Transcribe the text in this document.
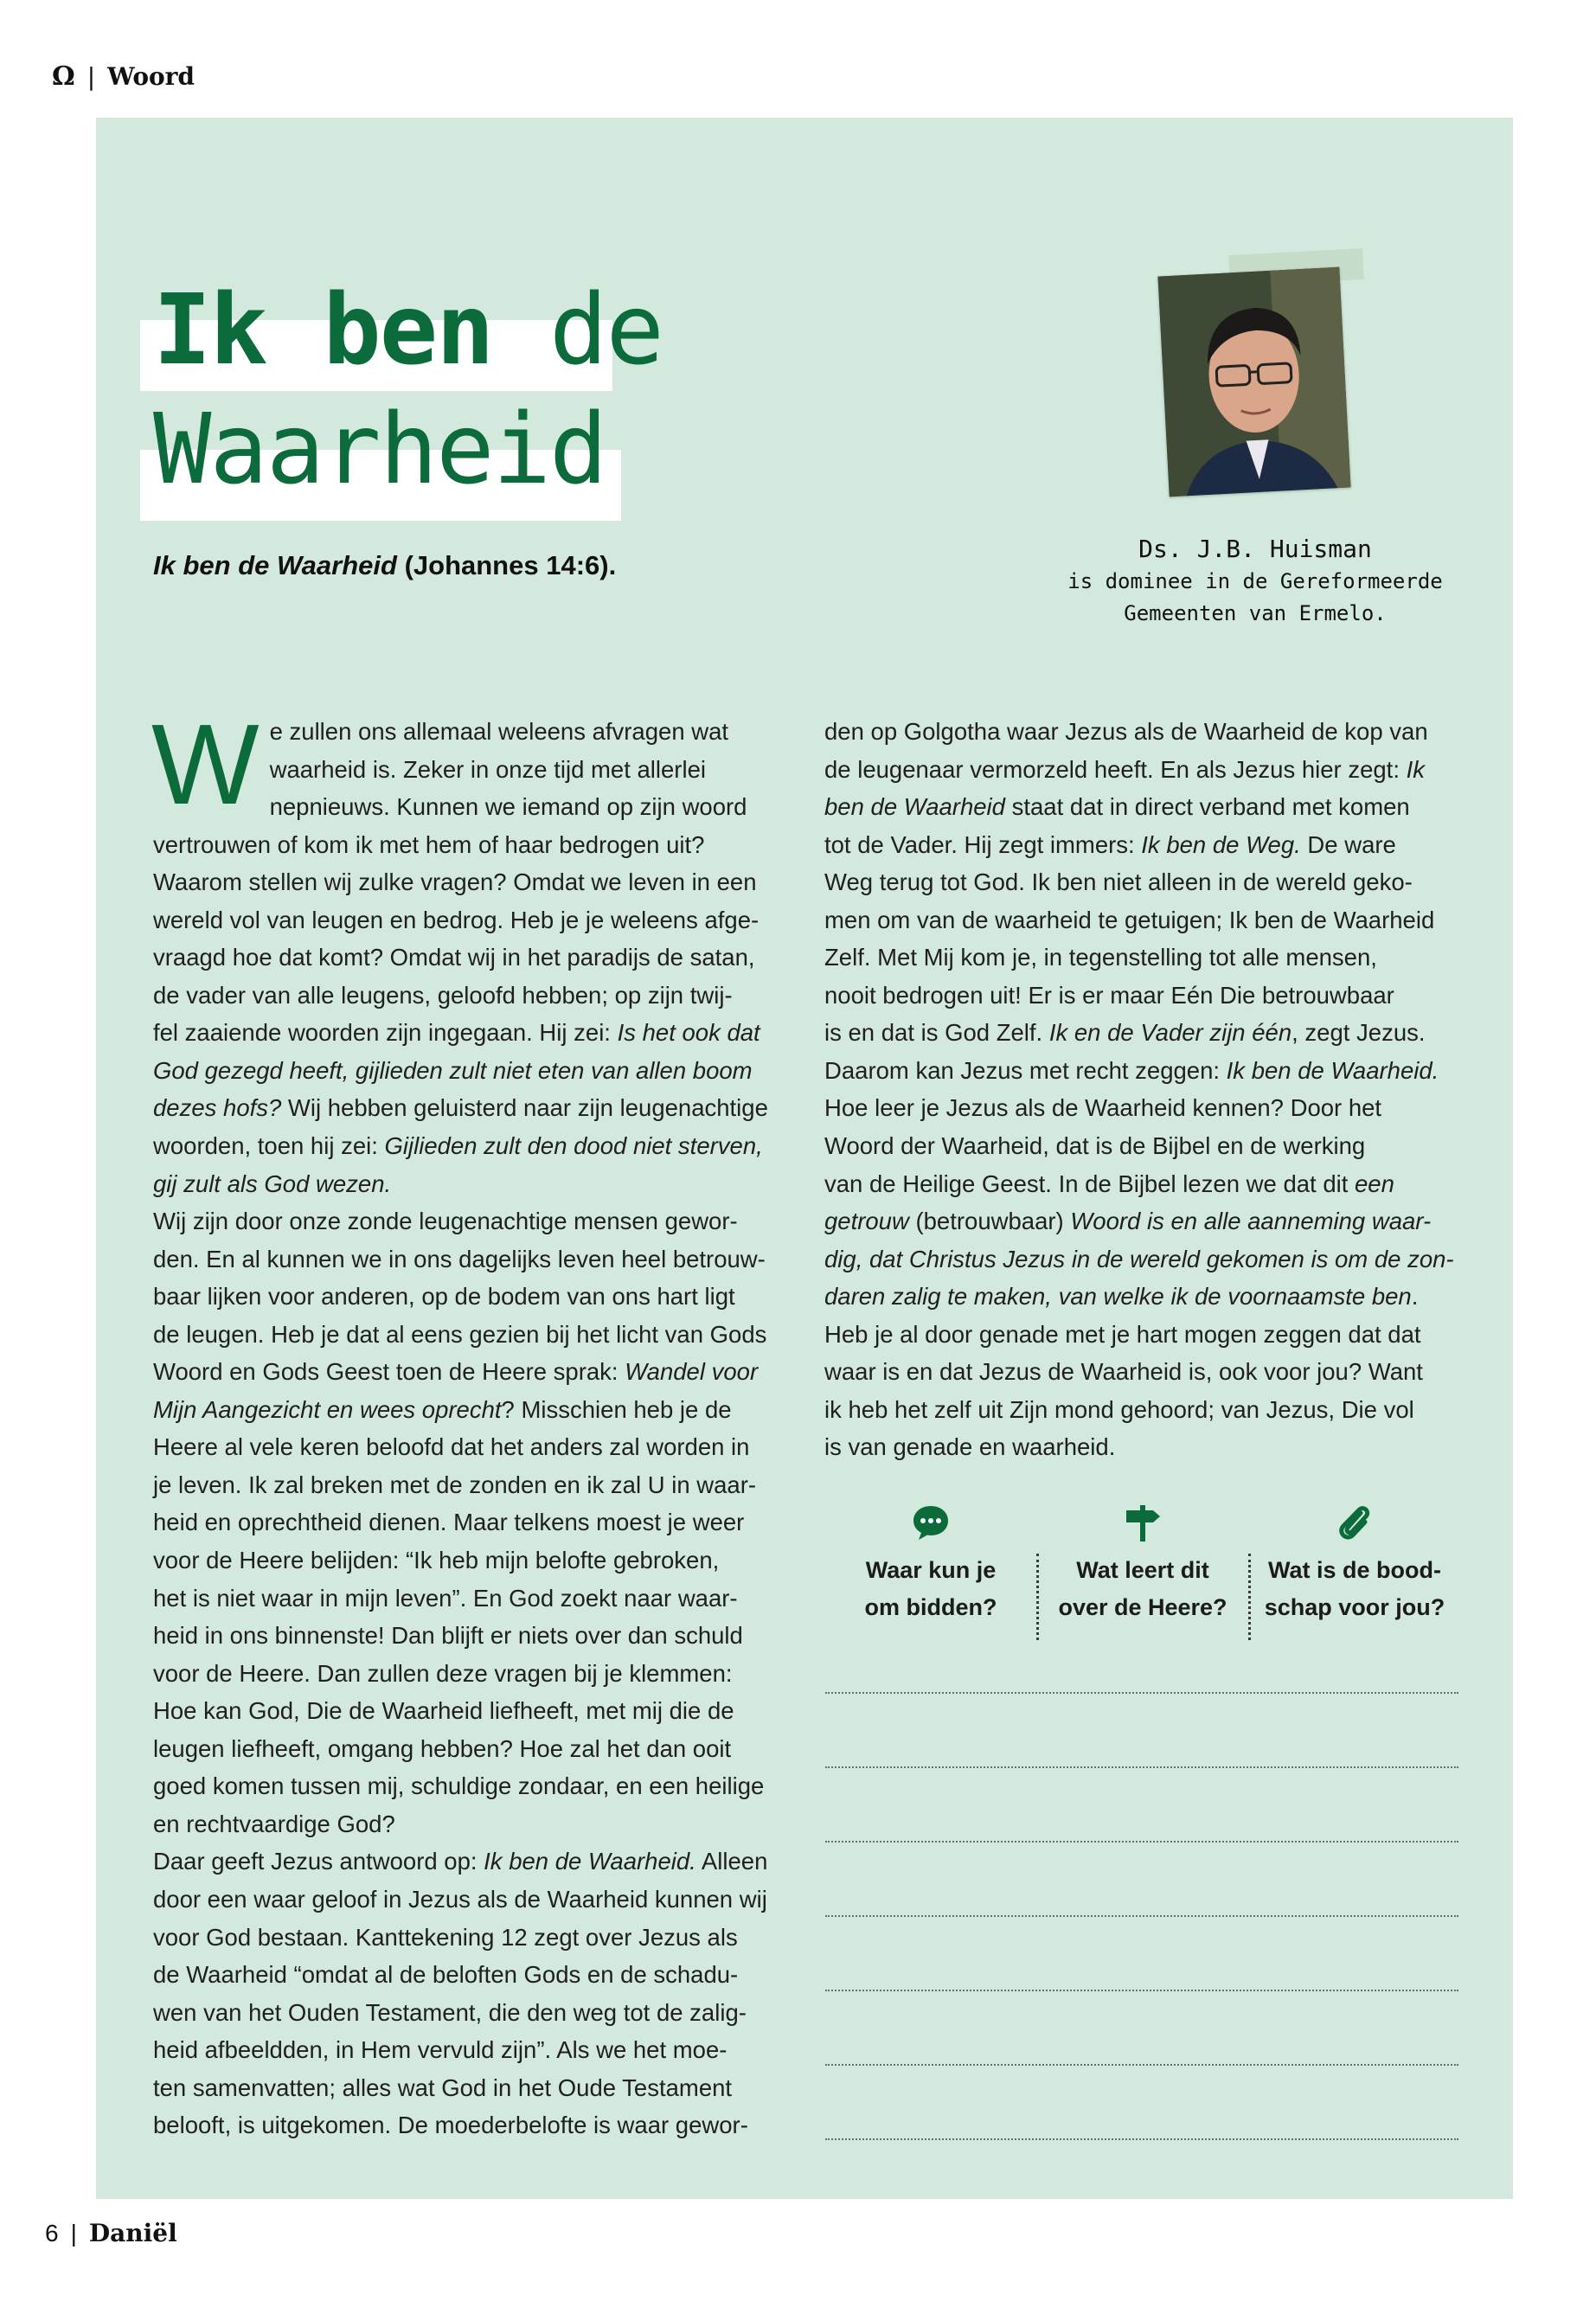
Ω | Woord
Ik ben de
Waarheid
Ik ben de Waarheid (Johannes 14:6).
Ds. J.B. Huisman
is dominee in de Gereformeerde
Gemeenten van Ermelo.
W e zullen ons allemaal weleens afvragen wat
waarheid is. Zeker in onze tijd met allerlei
nepnieuws. Kunnen we iemand op zijn woord
vertrouwen of kom ik met hem of haar bedrogen uit?
Waarom stellen wij zulke vragen? Omdat we leven in een
wereld vol van leugen en bedrog. Heb je je weleens afge-
vraagd hoe dat komt? Omdat wij in het paradijs de satan,
de vader van alle leugens, geloofd hebben; op zijn twij-
fel zaaiende woorden zijn ingegaan. Hij zei: Is het ook dat
God gezegd heeft, gijlieden zult niet eten van allen boom
dezes hofs? Wij hebben geluisterd naar zijn leugenachtige
woorden, toen hij zei: Gijlieden zult den dood niet sterven,
gij zult als God wezen.
Wij zijn door onze zonde leugenachtige mensen gewor-
den. En al kunnen we in ons dagelijks leven heel betrouw-
baar lijken voor anderen, op de bodem van ons hart ligt
de leugen. Heb je dat al eens gezien bij het licht van Gods
Woord en Gods Geest toen de Heere sprak: Wandel voor
Mijn Aangezicht en wees oprecht? Misschien heb je de
Heere al vele keren beloofd dat het anders zal worden in
je leven. Ik zal breken met de zonden en ik zal U in waar-
heid en oprechtheid dienen. Maar telkens moest je weer
voor de Heere belijden: “Ik heb mijn belofte gebroken,
het is niet waar in mijn leven”. En God zoekt naar waar-
heid in ons binnenste! Dan blijft er niets over dan schuld
voor de Heere. Dan zullen deze vragen bij je klemmen:
Hoe kan God, Die de Waarheid liefheeft, met mij die de
leugen liefheeft, omgang hebben? Hoe zal het dan ooit
goed komen tussen mij, schuldige zondaar, en een heilige
en rechtvaardige God?
Daar geeft Jezus antwoord op: Ik ben de Waarheid. Alleen
door een waar geloof in Jezus als de Waarheid kunnen wij
voor God bestaan. Kanttekening 12 zegt over Jezus als
de Waarheid “omdat al de beloften Gods en de schadu-
wen van het Ouden Testament, die den weg tot de zalig-
heid afbeeldden, in Hem vervuld zijn”. Als we het moe-
ten samenvatten; alles wat God in het Oude Testament
belooft, is uitgekomen. De moederbelofte is waar gewor-

den op Golgotha waar Jezus als de Waarheid de kop van
de leugenaar vermorzeld heeft. En als Jezus hier zegt: Ik
ben de Waarheid staat dat in direct verband met komen
tot de Vader. Hij zegt immers: Ik ben de Weg. De ware
Weg terug tot God. Ik ben niet alleen in de wereld geko-
men om van de waarheid te getuigen; Ik ben de Waarheid
Zelf. Met Mij kom je, in tegenstelling tot alle mensen,
nooit bedrogen uit! Er is er maar Eén Die betrouwbaar
is en dat is God Zelf. Ik en de Vader zijn één, zegt Jezus.
Daarom kan Jezus met recht zeggen: Ik ben de Waarheid.
Hoe leer je Jezus als de Waarheid kennen? Door het
Woord der Waarheid, dat is de Bijbel en de werking
van de Heilige Geest. In de Bijbel lezen we dat dit een
getrouw (betrouwbaar) Woord is en alle aanneming waar-
dig, dat Christus Jezus in de wereld gekomen is om de zon-
daren zalig te maken, van welke ik de voornaamste ben.
Heb je al door genade met je hart mogen zeggen dat dat
waar is en dat Jezus de Waarheid is, ook voor jou? Want
ik heb het zelf uit Zijn mond gehoord; van Jezus, Die vol
is van genade en waarheid.

Waar kun je
om bidden?
Wat leert dit
over de Heere?
Wat is de bood-
schap voor jou?
6 | Daniël
